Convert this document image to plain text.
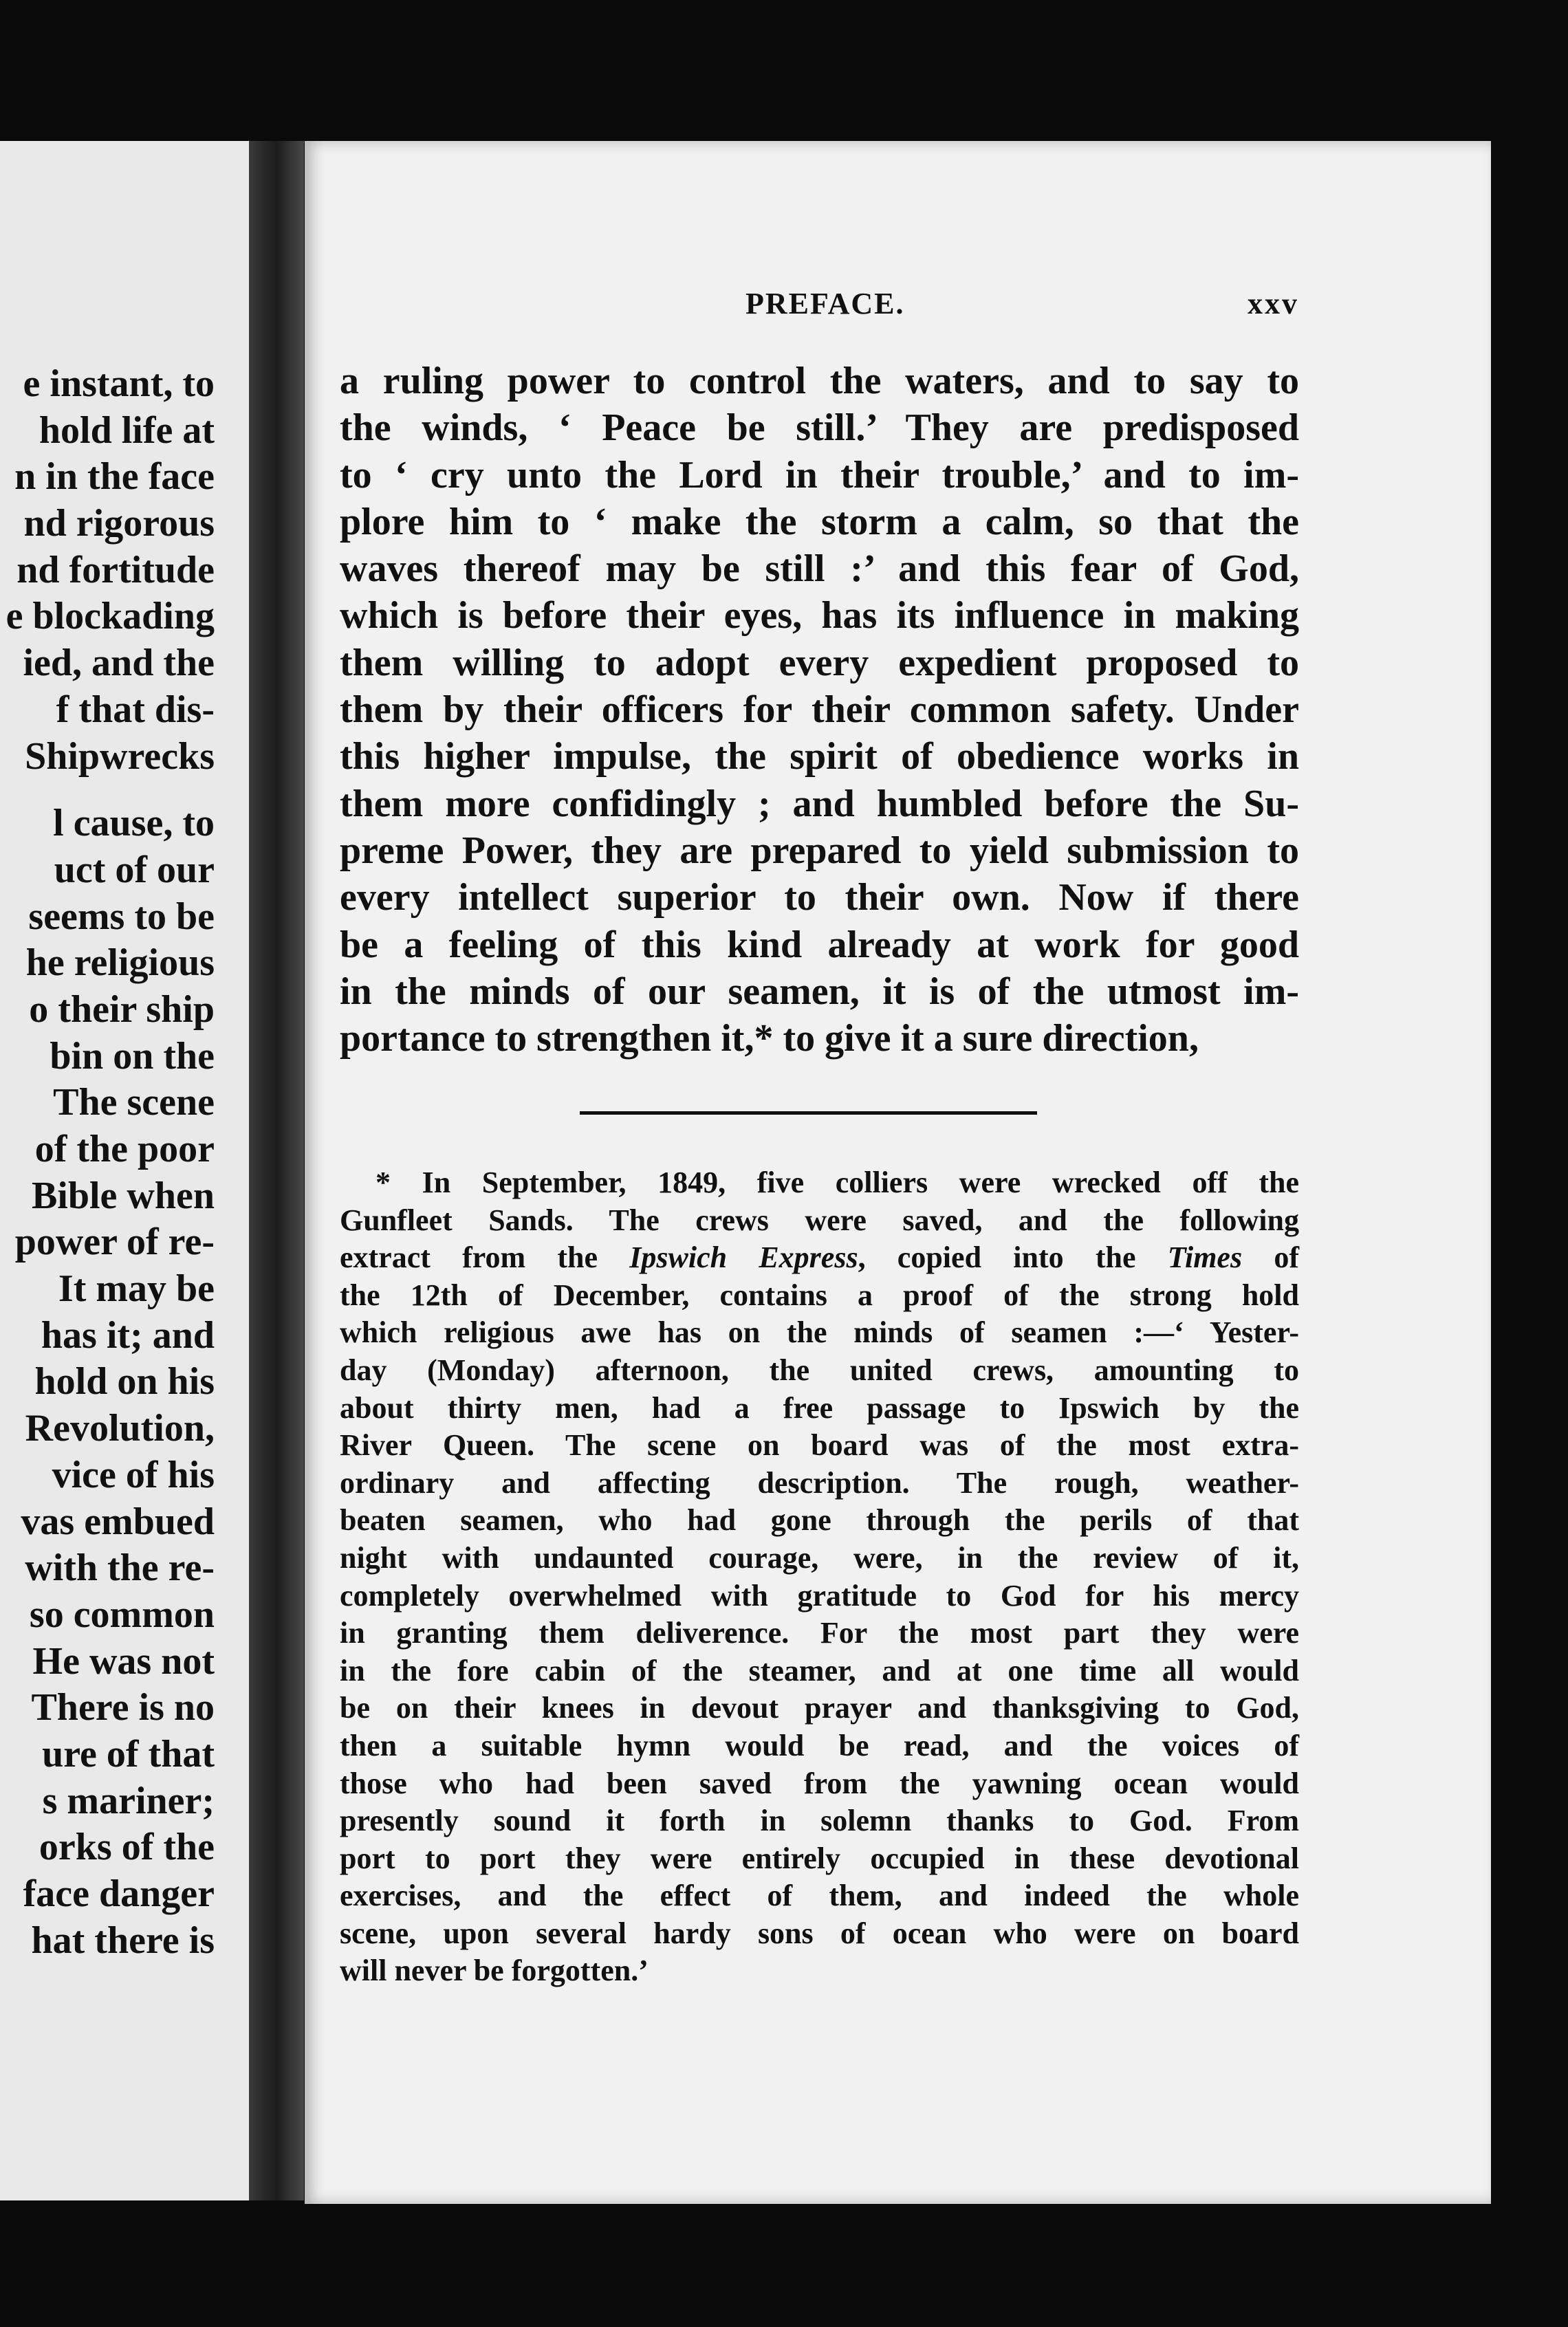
e instant, to
hold life at
n in the face
nd rigorous
nd fortitude
e blockading
ied, and the
f that dis-
Shipwrecks
l cause, to
uct of our
seems to be
he religious
o their ship
bin on the
The scene
of the poor
Bible when
power of re-
It may be
has it; and
hold on his
Revolution,
vice of his
vas embued
with the re-
so common
He was not
There is no
ure of that
s mariner;
orks of the
face danger
hat there is
PREFACE.	xxv
a ruling power to control the waters, and to say to
the winds, ‘ Peace be still.’ They are predisposed
to ‘ cry unto the Lord in their trouble,’ and to im-
plore him to ‘ make the storm a calm, so that the
waves thereof may be still :’ and this fear of God,
which is before their eyes, has its influence in making
them willing to adopt every expedient proposed to
them by their officers for their common safety. Under
this higher impulse, the spirit of obedience works in
them more confidingly ; and humbled before the Su-
preme Power, they are prepared to yield submission to
every intellect superior to their own. Now if there
be a feeling of this kind already at work for good
in the minds of our seamen, it is of the utmost im-
portance to strengthen it,* to give it a sure direction,
* In September, 1849, five colliers were wrecked off the
Gunfleet Sands. The crews were saved, and the following
extract from the Ipswich Express, copied into the Times of
the 12th of December, contains a proof of the strong hold
which religious awe has on the minds of seamen :—‘ Yester-
day (Monday) afternoon, the united crews, amounting to
about thirty men, had a free passage to Ipswich by the
River Queen. The scene on board was of the most extra-
ordinary and affecting description. The rough, weather-
beaten seamen, who had gone through the perils of that
night with undaunted courage, were, in the review of it,
completely overwhelmed with gratitude to God for his mercy
in granting them deliverence. For the most part they were
in the fore cabin of the steamer, and at one time all would
be on their knees in devout prayer and thanksgiving to God,
then a suitable hymn would be read, and the voices of
those who had been saved from the yawning ocean would
presently sound it forth in solemn thanks to God. From
port to port they were entirely occupied in these devotional
exercises, and the effect of them, and indeed the whole
scene, upon several hardy sons of ocean who were on board
will never be forgotten.’
